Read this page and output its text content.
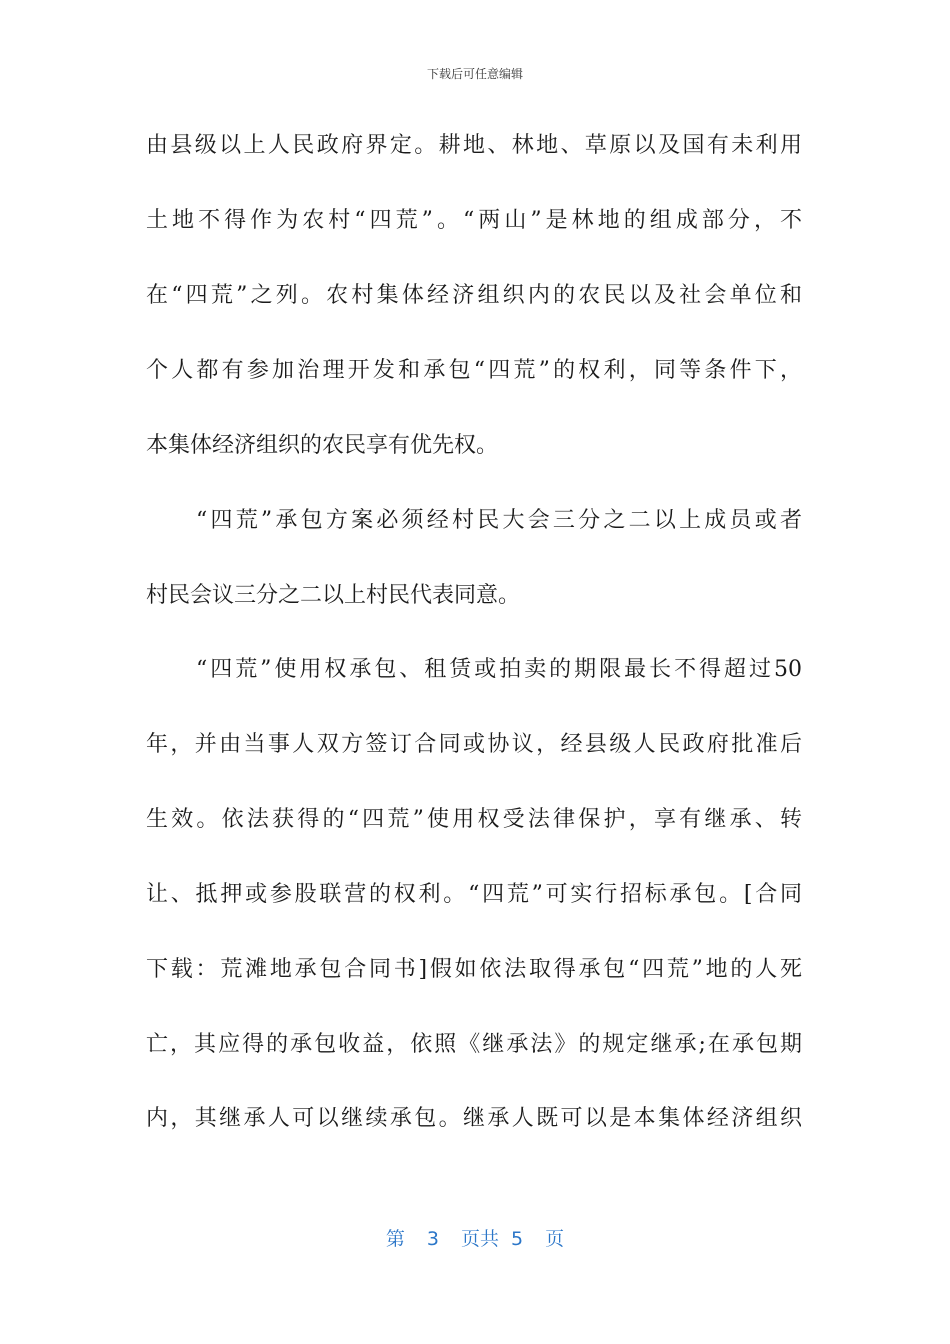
下载后可任意编辑
由县级以上人民政府界定。耕地、林地、草原以及国有未利用
土地不得作为农村“四荒”。“两山”是林地的组成部分，不
在“四荒”之列。农村集体经济组织内的农民以及社会单位和
个人都有参加治理开发和承包“四荒”的权利，同等条件下，
本集体经济组织的农民享有优先权。
“四荒”承包方案必须经村民大会三分之二以上成员或者
村民会议三分之二以上村民代表同意。
“四荒”使用权承包、租赁或拍卖的期限最长不得超过50
年，并由当事人双方签订合同或协议，经县级人民政府批准后
生效。依法获得的“四荒”使用权受法律保护，享有继承、转
让、抵押或参股联营的权利。“四荒”可实行招标承包。[合同
下载：荒滩地承包合同书]假如依法取得承包“四荒”地的人死
亡，其应得的承包收益，依照《继承法》的规定继承;在承包期
内，其继承人可以继续承包。继承人既可以是本集体经济组织
第 3 页共 5 页
